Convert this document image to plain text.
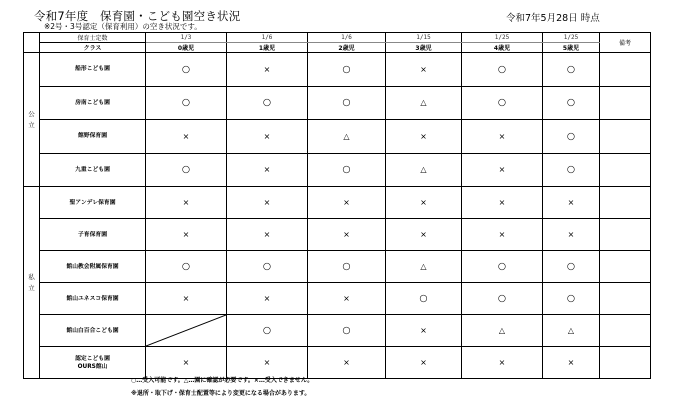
令和7年度　保育園・こども園空き状況
※2号・3号認定（保育利用）の空き状況です。
令和7年5月28日 時点
	保育士定数	1/3	1/6	1/6	1/15	1/25	1/25	備考
	クラス	0歳児	1歳児	2歳児	3歳児	4歳児	5歳児	

公
立	船形こども園	○	×	○	×	○	○	
	房南こども園	○	○	○	△	○	○	
	館野保育園	×	×	△	×	×	○	
	九重こども園	○	×	○	△	×	○	

私
立	聖アンデレ保育園	×	×	×	×	×	×	
	子育保育園	×	×	×	×	×	×	
	館山教会附属保育園	○	○	○	△	○	○	
	館山ユネスコ保育園	×	×	×	○	○	○	
	館山白百合こども園		○	○	×	△	△	

	認定こども園
OURS館山	×	×	×	×	×	×	
○…受入可能です。△…園に確認が必要です。×…受入できません。
※退所・取下げ・保育士配置等により変更になる場合があります。
